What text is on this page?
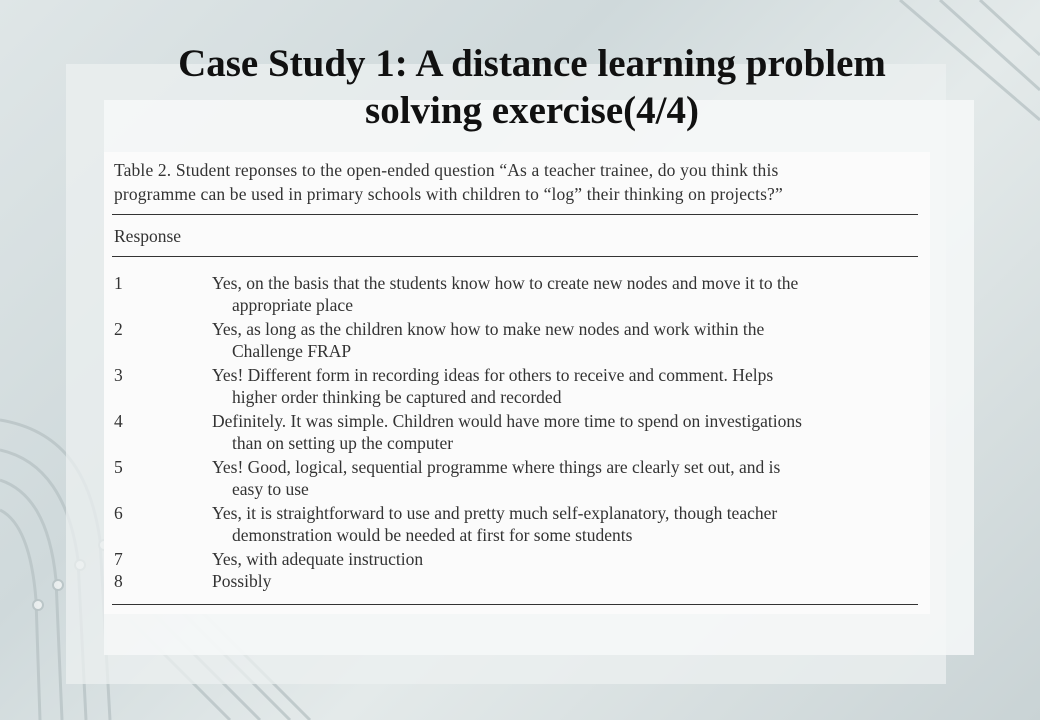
Case Study 1: A distance learning problem
solving exercise(4/4)
Table 2. Student reponses to the open-ended question “As a teacher trainee, do you think this
programme can be used in primary schools with children to “log” their thinking on projects?”
Response
1	Yes, on the basis that the students know how to create new nodes and move it to the
appropriate place
2	Yes, as long as the children know how to make new nodes and work within the
Challenge FRAP
3	Yes! Different form in recording ideas for others to receive and comment. Helps
higher order thinking be captured and recorded
4	Definitely. It was simple. Children would have more time to spend on investigations
than on setting up the computer
5	Yes! Good, logical, sequential programme where things are clearly set out, and is
easy to use
6	Yes, it is straightforward to use and pretty much self-explanatory, though teacher
demonstration would be needed at first for some students
7	Yes, with adequate instruction
8	Possibly
